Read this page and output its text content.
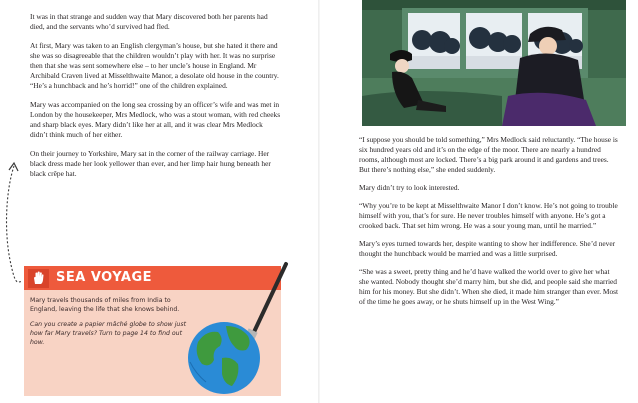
It was in that strange and sudden way that Mary discovered both her parents had died, and the servants who’d survived had fled.

At first, Mary was taken to an English clergyman’s house, but she hated it there and she was so disagreeable that the children wouldn’t play with her. It was no surprise then that she was sent somewhere else – to her uncle’s house in England. Mr Archibald Craven lived at Misselthwaite Manor, a desolate old house in the country. “He’s a hunchback and he’s horrid!” one of the children explained.

Mary was accompanied on the long sea crossing by an officer’s wife and was met in London by the housekeeper, Mrs Medlock, who was a stout woman, with red cheeks and sharp black eyes. Mary didn’t like her at all, and it was clear Mrs Medlock didn’t think much of her either.

On their journey to Yorkshire, Mary sat in the corner of the railway carriage. Her black dress made her look yellower than ever, and her limp hair hung beneath her black crêpe hat.

SEA VOYAGE

Mary travels thousands of miles from India to England, leaving the life that she knows behind.

Can you create a papier mâché globe to show just how far Mary travels? Turn to page 14 to find out how.

“I suppose you should be told something,” Mrs Medlock said reluctantly. “The house is six hundred years old and it’s on the edge of the moor. There are nearly a hundred rooms, although most are locked. There’s a big park around it and gardens and trees. But there’s nothing else,” she ended suddenly.

Mary didn’t try to look interested.

“Why you’re to be kept at Misselthwaite Manor I don’t know. He’s not going to trouble himself with you, that’s for sure. He never troubles himself with anyone. He’s got a crooked back. That set him wrong. He was a sour young man, until he married.”

Mary’s eyes turned towards her, despite wanting to show her indifference. She’d never thought the hunchback would be married and was a little surprised.

“She was a sweet, pretty thing and he’d have walked the world over to give her what she wanted. Nobody thought she’d marry him, but she did, and people said she married him for his money. But she didn’t. When she died, it made him stranger than ever. Most of the time he goes away, or he shuts himself up in the West Wing.”
